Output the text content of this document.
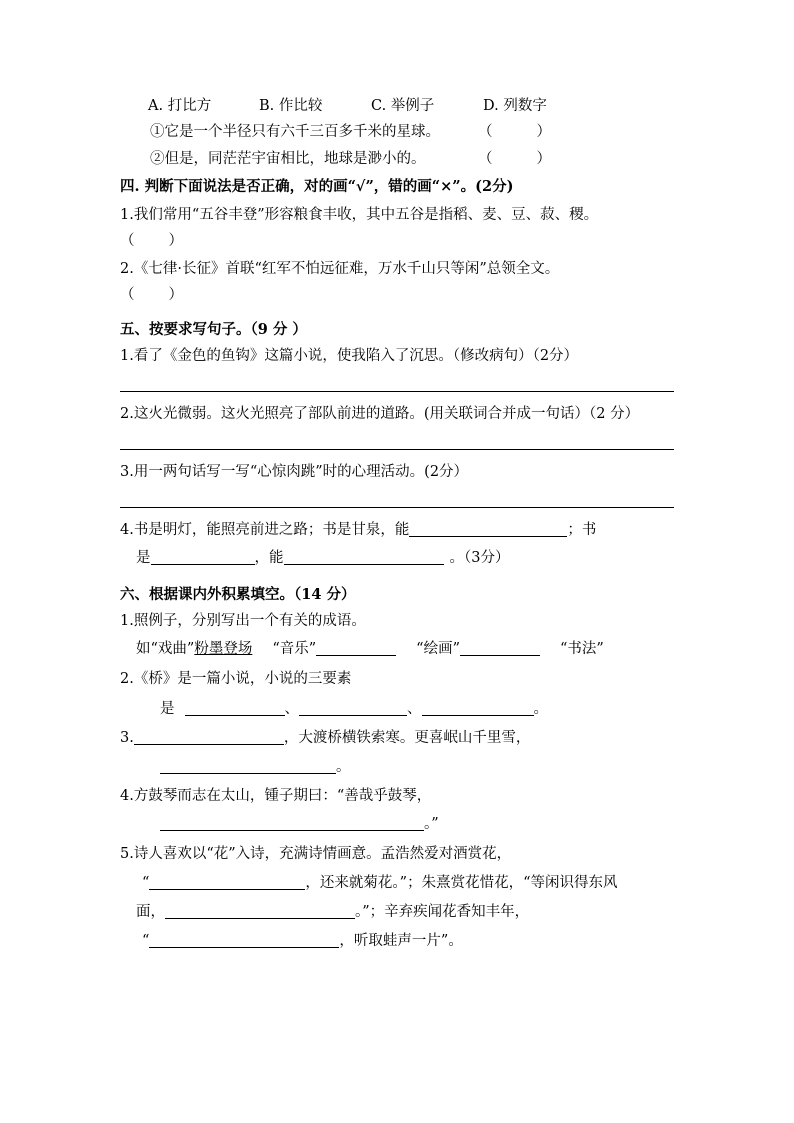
A. 打比方	B. 作比较	C. 举例子	D. 列数字
①它是一个半径只有六千三百多千米的星球。	（	）
②但是，同茫茫宇宙相比，地球是渺小的。	（	）
四. 判断下面说法是否正确，对的画“√”，错的画“×”。(2分)
1.我们常用“五谷丰登”形容粮食丰收，其中五谷是指稻、麦、豆、菽、稷。
（ ）
2.《七律·长征》首联“红军不怕远征难，万水千山只等闲”总领全文。
（ ）
五、按要求写句子。（9 分 ）
1.看了《金色的鱼钩》这篇小说，使我陷入了沉思。（修改病句）（2分）
2.这火光微弱。这火光照亮了部队前进的道路。(用关联词合并成一句话）（2 分）
3.用一两句话写一写“心惊肉跳”时的心理活动。(2分）
4.书是明灯，能照亮前进之路；书是甘泉，能	；书
是	，能	。（3分）
六、根据课内外积累填空。（14 分）
1.照例子，分别写出一个有关的成语。
如“戏曲”粉墨登场 “音乐”	“绘画”	“书法”
2.《桥》是一篇小说，小说的三要素
是	、	、	。
3.	，大渡桥横铁索寒。更喜岷山千里雪，
。
4.方鼓琴而志在太山，锺子期曰：“善哉乎鼓琴，
。”
5.诗人喜欢以“花”入诗，充满诗情画意。孟浩然爱对酒赏花，
“	，还来就菊花。”；朱熹赏花惜花，“等闲识得东风
面，	。”；辛弃疾闻花香知丰年，
“	，听取蛙声一片”。
